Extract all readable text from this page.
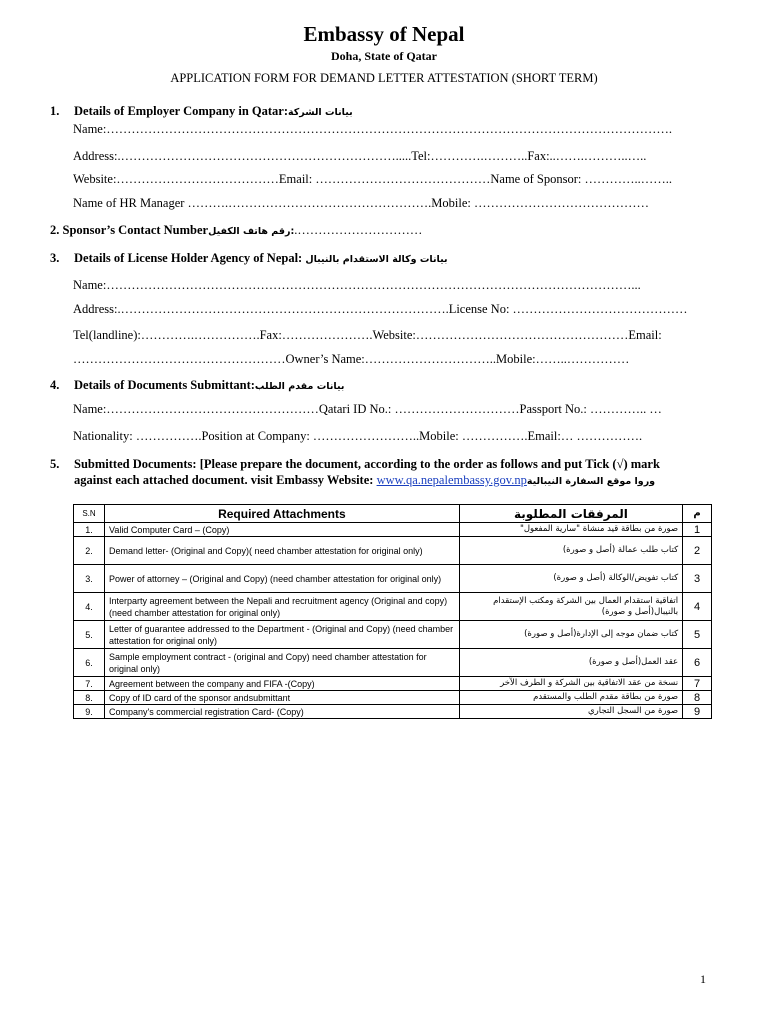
Embassy of Nepal
Doha, State of Qatar
APPLICATION FORM FOR DEMAND LETTER ATTESTATION (SHORT TERM)
1. Details of Employer Company in Qatar:بيانات الشركة
Name:……………………………………………………………………………………………………………………….
Address:.………………………………………………………….....Tel:………….………..Fax:..…….………..…..
Website:…………………………………Email: ……………………………………Name of Sponsor: …………..……..
Name of HR Manager ……….………………………………………….Mobile: ……………………………………
2. Sponsor’s Contact Numberرقم هاتف الكفيل:.…………………………
3. Details of License Holder Agency of Nepal: بيانات وكالة الاستقدام بالنيبال
Name:………………………………………………………………………………………………………………...
Address:.…………………………………………………………………….License No: ……………………………………
Tel(landline):………….…………….Fax:………………….Website:……………………………………………Email:
……………………………………………Owner’s Name:…………………………..Mobile:……..……………
4. Details of Documents Submittant:بيانات مقدم الطلب
Name:……………………………………………Qatari ID No.: …………………………Passport No.: ………….. …
Nationality: …………….Position at Company: ……………………..Mobile: …………….Email:… …………….
5. Submitted Documents: [Please prepare the document, according to the order as follows and put Tick (√) mark
against each attached document. visit Embassy Website: www.qa.nepalembassy.gov.npوروا موقع السفارة النيبالية
S.N	Required Attachments	المرفقات المطلوبة	م
1.	Valid Computer Card – (Copy)	صورة من بطاقة قيد منشاة "سارية المفعول"	1
2.	Demand letter- (Original and Copy)( need chamber attestation for original only)	كتاب طلب عمالة (أصل و صورة)	2
3.	Power of attorney – (Original and Copy) (need chamber attestation for original only)	كتاب تفويض/الوكالة (أصل و صورة)	3
4.	Interparty agreement between the Nepali and recruitment agency (Original and copy) (need chamber attestation for original only)	اتفاقية استقدام العمال بين الشركة ومكتب الإستقدام بالنيبال(أصل و صورة)	4
5.	Letter of guarantee addressed to the Department - (Original and Copy) (need chamber attestation for original only)	كتاب ضمان موجه إلى الإدارة(أصل و صورة)	5
6.	Sample employment contract - (original and Copy) need chamber attestation for original only)	عقد العمل(أصل و صورة)	6
7.	Agreement between the company and FIFA -(Copy)	نسخة من عقد الاتفاقية بين الشركة و الطرف الآخر	7
8.	Copy of ID card of the sponsor andsubmittant	صورة من بطاقة مقدم الطلب والمستقدم	8
9.	Company's commercial registration Card- (Copy)	صورة من السجل التجاري	9
1
